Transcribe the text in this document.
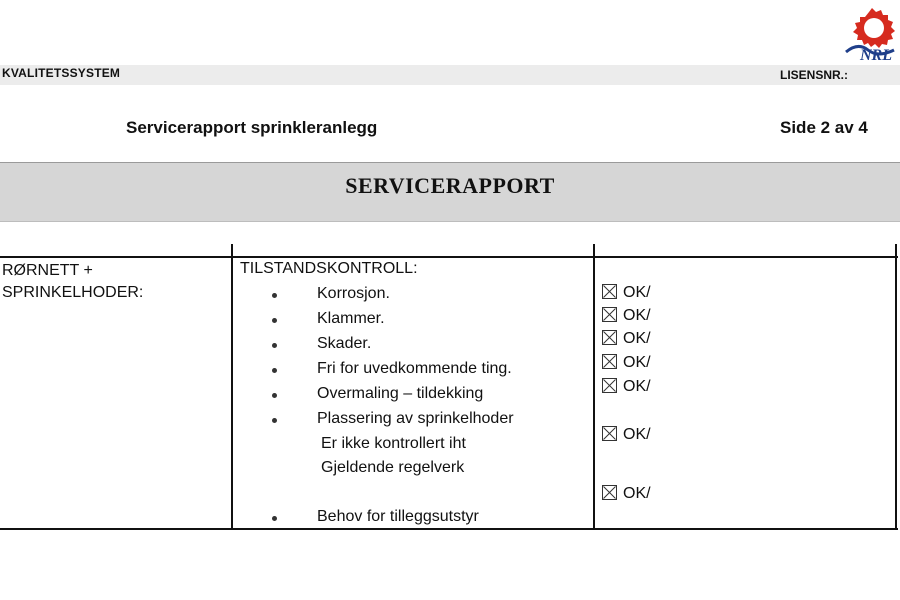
NRL
KVALITETSSYSTEM	LISENSNR.:
Servicerapport sprinkleranlegg	Side 2 av 4
SERVICERAPPORT
RØRNETT +
SPRINKELHODER:
TILSTANDSKONTROLL:
Korrosjon.
Klammer.
Skader.
Fri for uvedkommende ting.
Overmaling – tildekking
Plassering av sprinkelhoder
Behov for tilleggsutstyr
Er ikke kontrollert iht
Gjeldende regelverk
OK/
OK/
OK/
OK/
OK/
OK/
OK/
